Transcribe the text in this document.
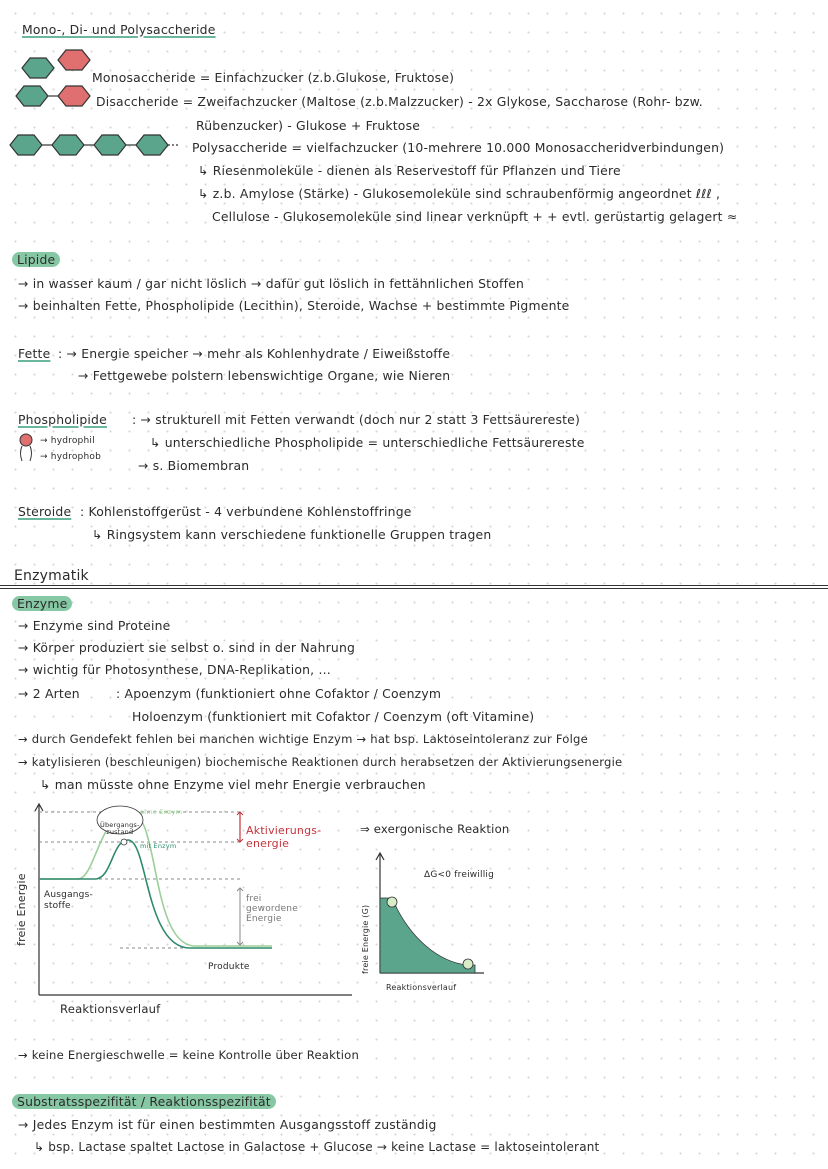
Mono-, Di- und Polysaccheride
Monosaccheride = Einfachzucker (z.b.Glukose, Fruktose)
Disaccheride = Zweifachzucker (Maltose (z.b.Malzzucker) - 2x Glykose, Saccharose (Rohr- bzw.
Rübenzucker) - Glukose + Fruktose
Polysaccheride = vielfachzucker (10-mehrere 10.000 Monosaccheridverbindungen)
↳ Riesenmoleküle - dienen als Reservestoff für Pflanzen und Tiere
↳ z.b. Amylose (Stärke) - Glukosemoleküle sind schraubenförmig angeordnet ℓℓℓ ,
Cellulose - Glukosemoleküle sind linear verknüpft + + evtl. gerüstartig gelagert ≈
Lipide
→ in wasser kaum / gar nicht löslich → dafür gut löslich in fettähnlichen Stoffen
→ beinhalten Fette, Phospholipide (Lecithin), Steroide, Wachse + bestimmte Pigmente
Fette : → Energie speicher → mehr als Kohlenhydrate / Eiweißstoffe
→ Fettgewebe polstern lebenswichtige Organe, wie Nieren
Phospholipide : → strukturell mit Fetten verwandt (doch nur 2 statt 3 Fettsäurereste)
↳ unterschiedliche Phospholipide = unterschiedliche Fettsäurereste
→ s. Biomembran
→ hydrophil
→ hydrophob
Steroide : Kohlenstoffgerüst - 4 verbundene Kohlenstoffringe
↳ Ringsystem kann verschiedene funktionelle Gruppen tragen
Enzymatik
Enzyme
→ Enzyme sind Proteine
→ Körper produziert sie selbst o. sind in der Nahrung
→ wichtig für Photosynthese, DNA-Replikation, ...
→ 2 Arten	: Apoenzym (funktioniert ohne Cofaktor / Coenzym
Holoenzym (funktioniert mit Cofaktor / Coenzym (oft Vitamine)
→ durch Gendefekt fehlen bei manchen wichtige Enzym → hat bsp. Laktoseintoleranz zur Folge
→ katylisieren (beschleunigen) biochemische Reaktionen durch herabsetzen der Aktivierungsenergie
↳ man müsste ohne Enzyme viel mehr Energie verbrauchen
ohne Enzym
Übergangs-
zustand
mit Enzym
Ausgangs-
stoffe
Produkte
Aktivierungs-
energie
frei
gewordene
Energie
freie Energie
Reaktionsverlauf
⇒ exergonische Reaktion
ΔG<0 freiwillig
freie Energie (G)
Reaktionsverlauf
→ keine Energieschwelle = keine Kontrolle über Reaktion
Substratsspezifität / Reaktionsspezifität
→ Jedes Enzym ist für einen bestimmten Ausgangsstoff zuständig
↳ bsp. Lactase spaltet Lactose in Galactose + Glucose → keine Lactase = laktoseintolerant
